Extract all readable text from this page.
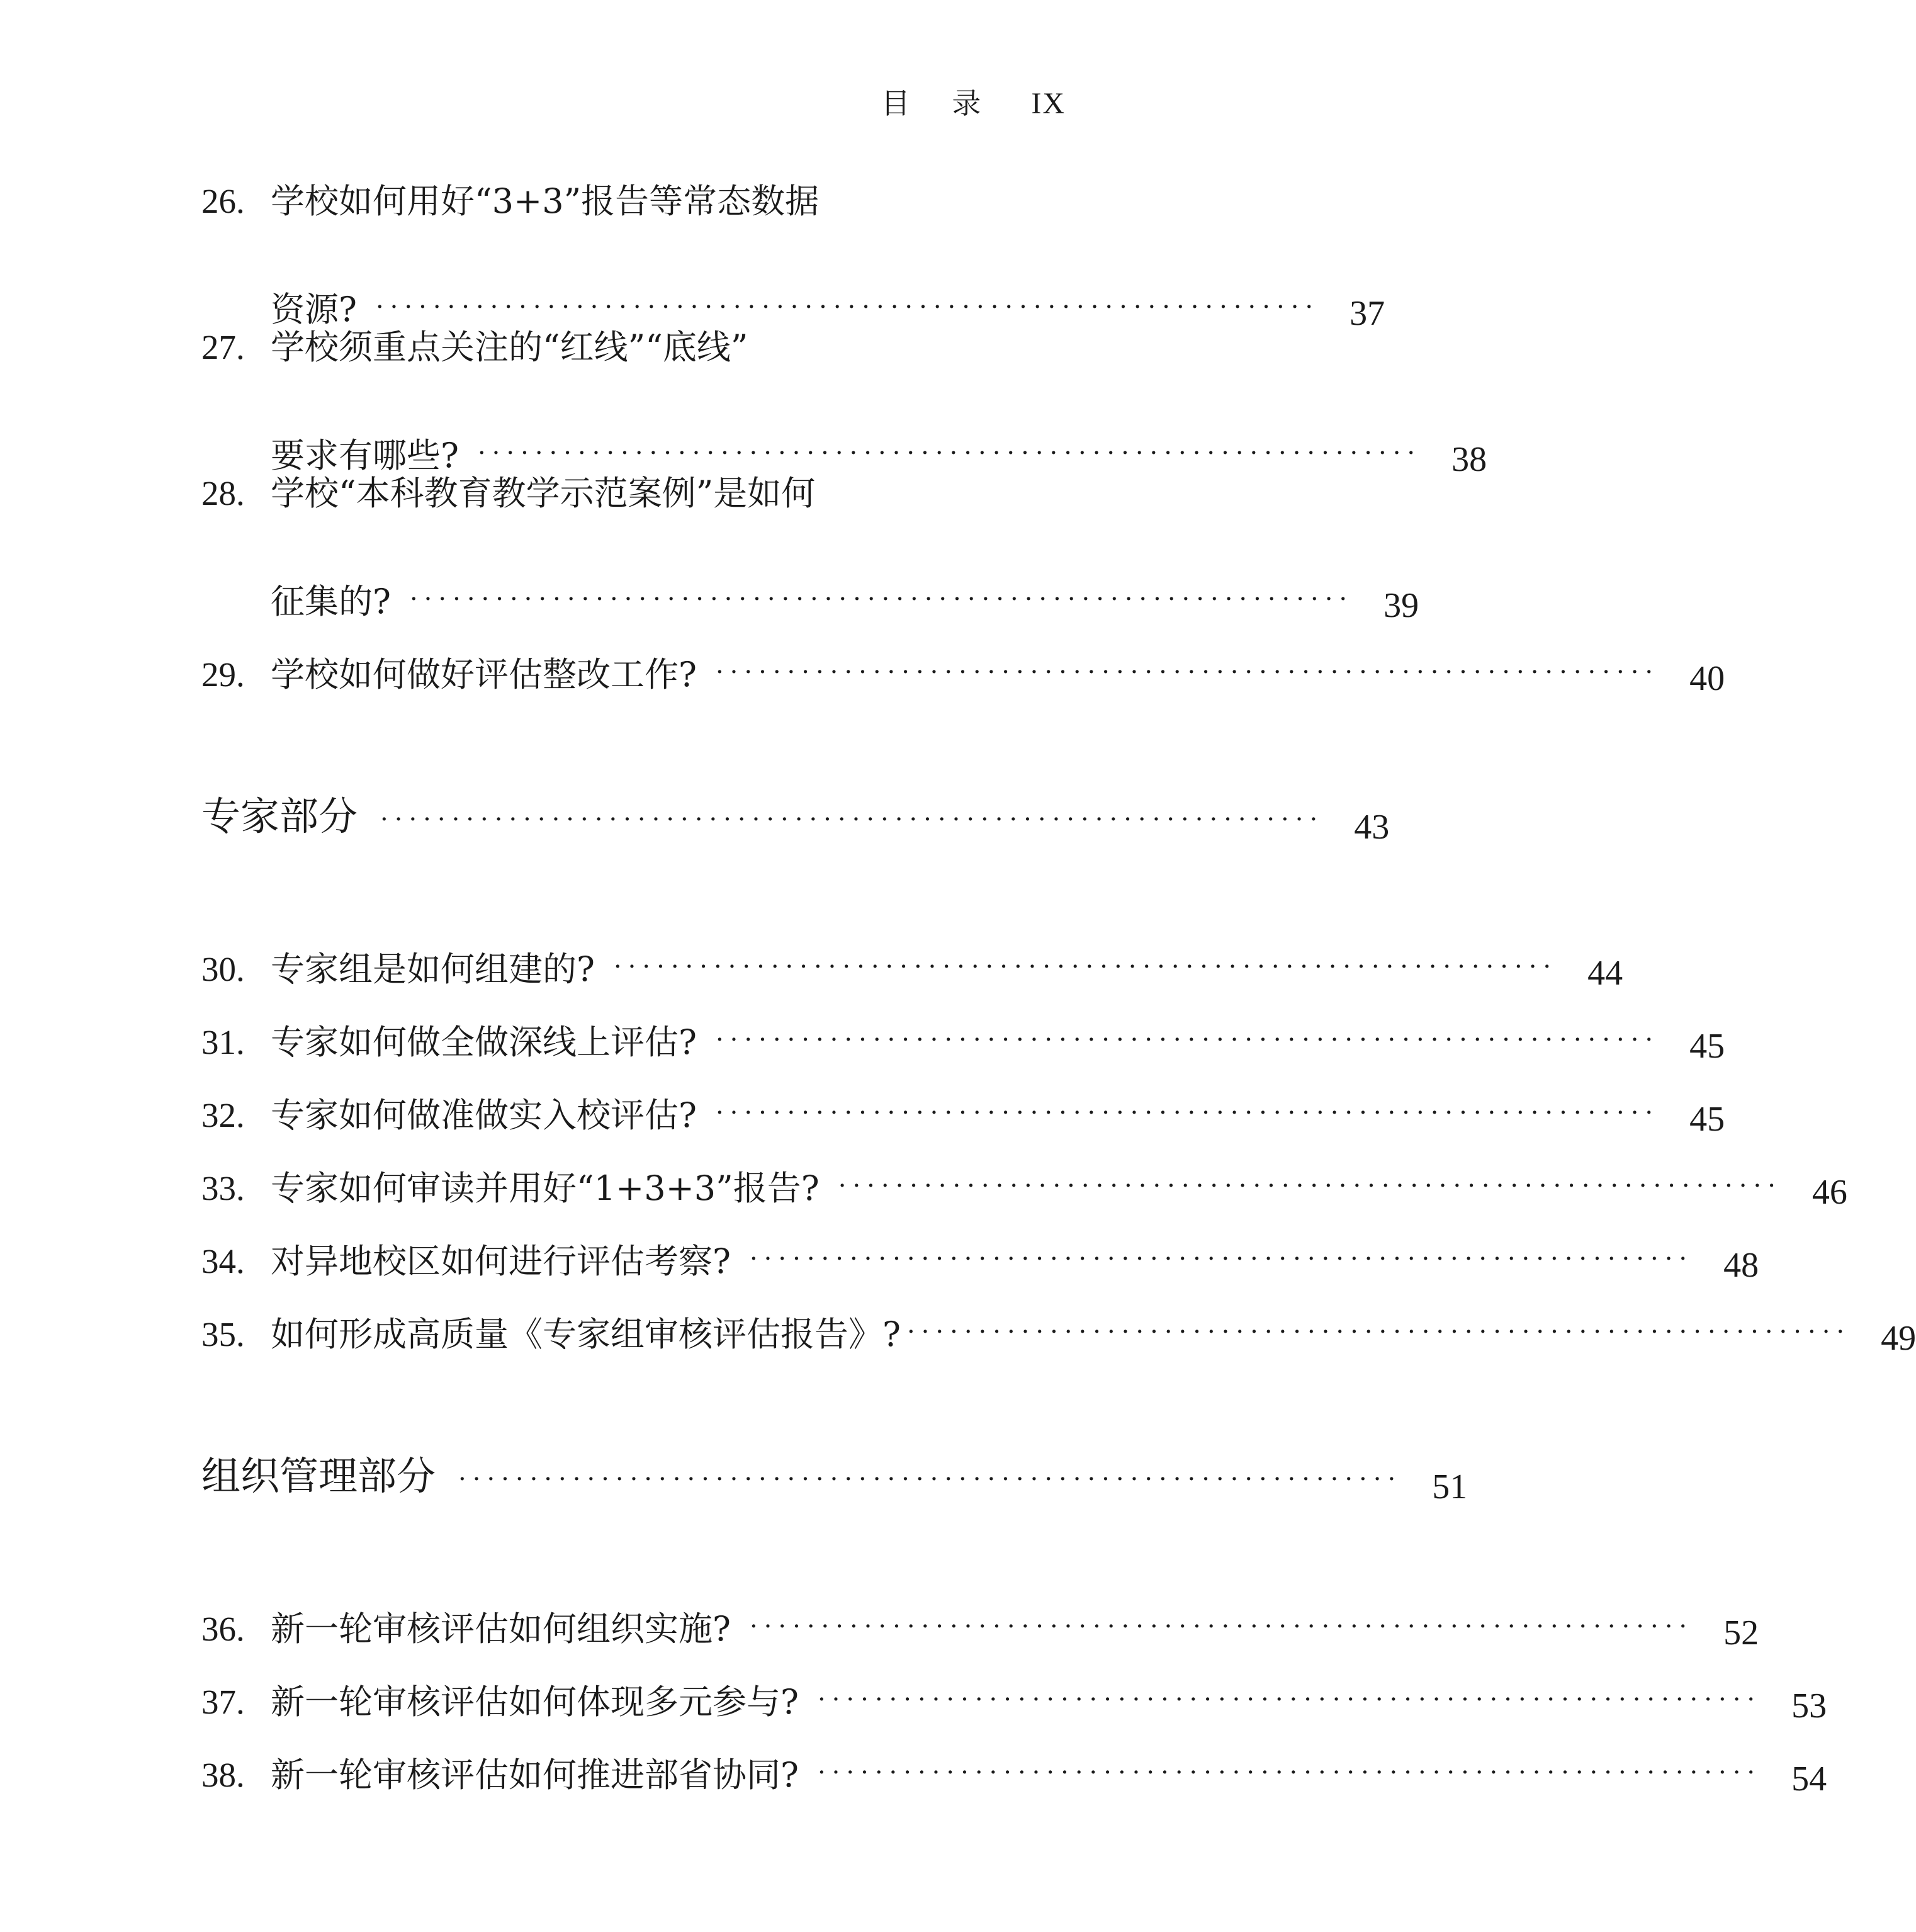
目 录 IX
26. 学校如何用好“3+3”报告等常态数据
资源? ·································································· 37
27. 学校须重点关注的“红线”“底线”
要求有哪些? ·································································· 38
28. 学校“本科教育教学示范案例”是如何
征集的? ·································································· 39
29. 学校如何做好评估整改工作? ·································································· 40
专家部分 ·································································· 43
30. 专家组是如何组建的? ·································································· 44
31. 专家如何做全做深线上评估? ·································································· 45
32. 专家如何做准做实入校评估? ·································································· 45
33. 专家如何审读并用好“1+3+3”报告? ·································································· 46
34. 对异地校区如何进行评估考察? ·································································· 48
35. 如何形成高质量《专家组审核评估报告》? ·································································· 49
组织管理部分 ·································································· 51
36. 新一轮审核评估如何组织实施? ·································································· 52
37. 新一轮审核评估如何体现多元参与? ·································································· 53
38. 新一轮审核评估如何推进部省协同? ·································································· 54
